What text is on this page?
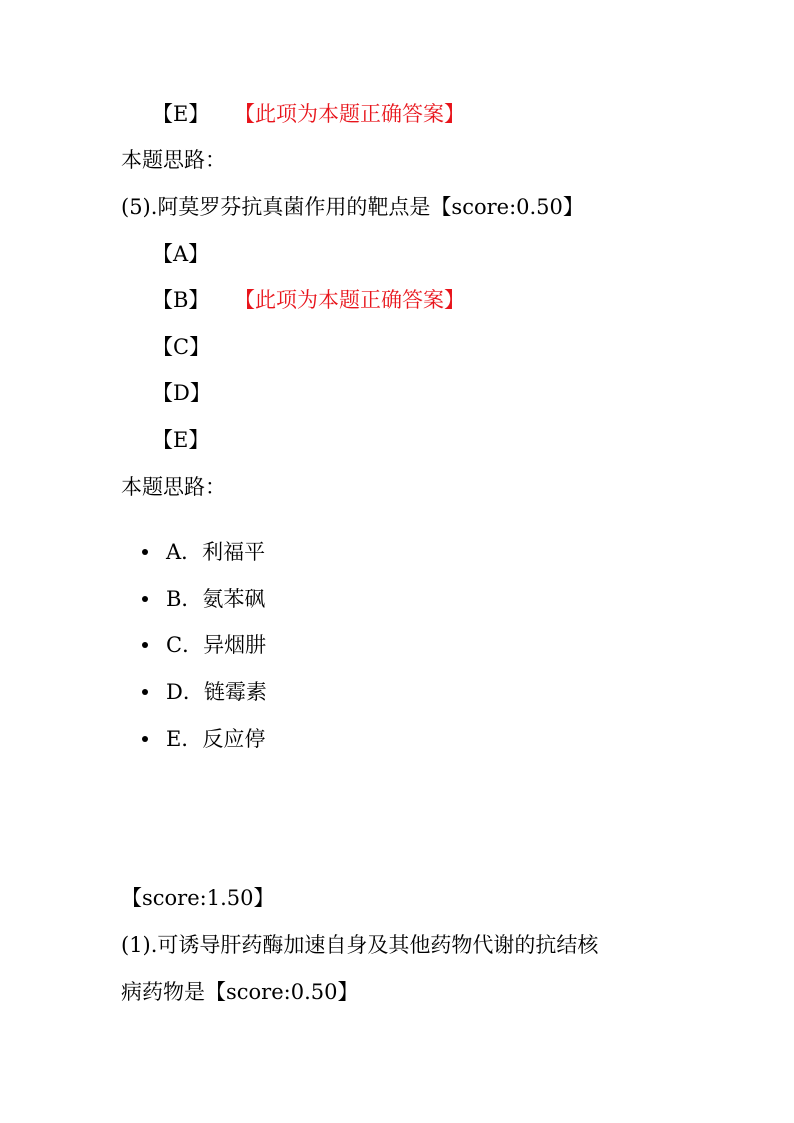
【E】 【此项为本题正确答案】
本题思路：
(5).阿莫罗芬抗真菌作用的靶点是【score:0.50】
【A】
【B】 【此项为本题正确答案】
【C】
【D】
【E】
本题思路：
A．利福平
B．氨苯砜
C．异烟肼
D．链霉素
E．反应停
【score:1.50】
(1).可诱导肝药酶加速自身及其他药物代谢的抗结核
病药物是【score:0.50】
